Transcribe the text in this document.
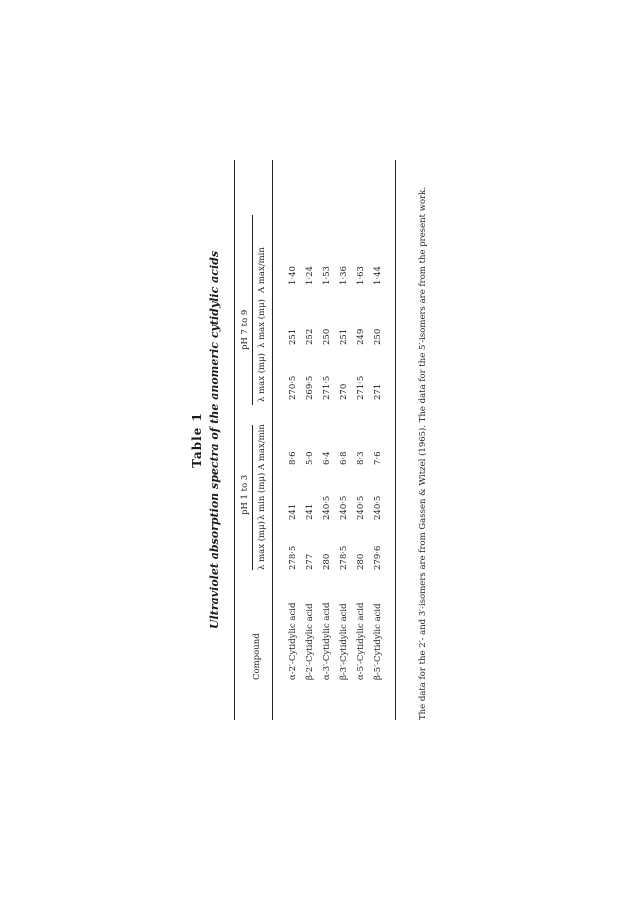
Table 1 Ultraviolet absorption spectra of the anomeric cytidylic acids
Compound
pH 1 to 3
pH 7 to 9
λ max (mμ)
λ min (mμ)
A max/min
λ max (mμ)
λ max (mμ)
A max/min
α-2′-Cytidylic acid
278·5
241
8·6
270·5
251
1·40
β-2′-Cytidylic acid
277
241
5·0
269·5
252
1·24
α-3′-Cytidylic acid
280
240·5
6·4
271·5
250
1·53
β-3′-Cytidylic acid
278·5
240·5
6·8
270
251
1·36
α-5′-Cytidylic acid
280
240·5
8·3
271·5
249
1·63
β-5′-Cytidylic acid
279·6
240·5
7·6
271
250
1·44	The data for the 2′- and 3′-isomers are from Gassen & Witzel (1965). The data for the 5′-isomers are from the present work.
